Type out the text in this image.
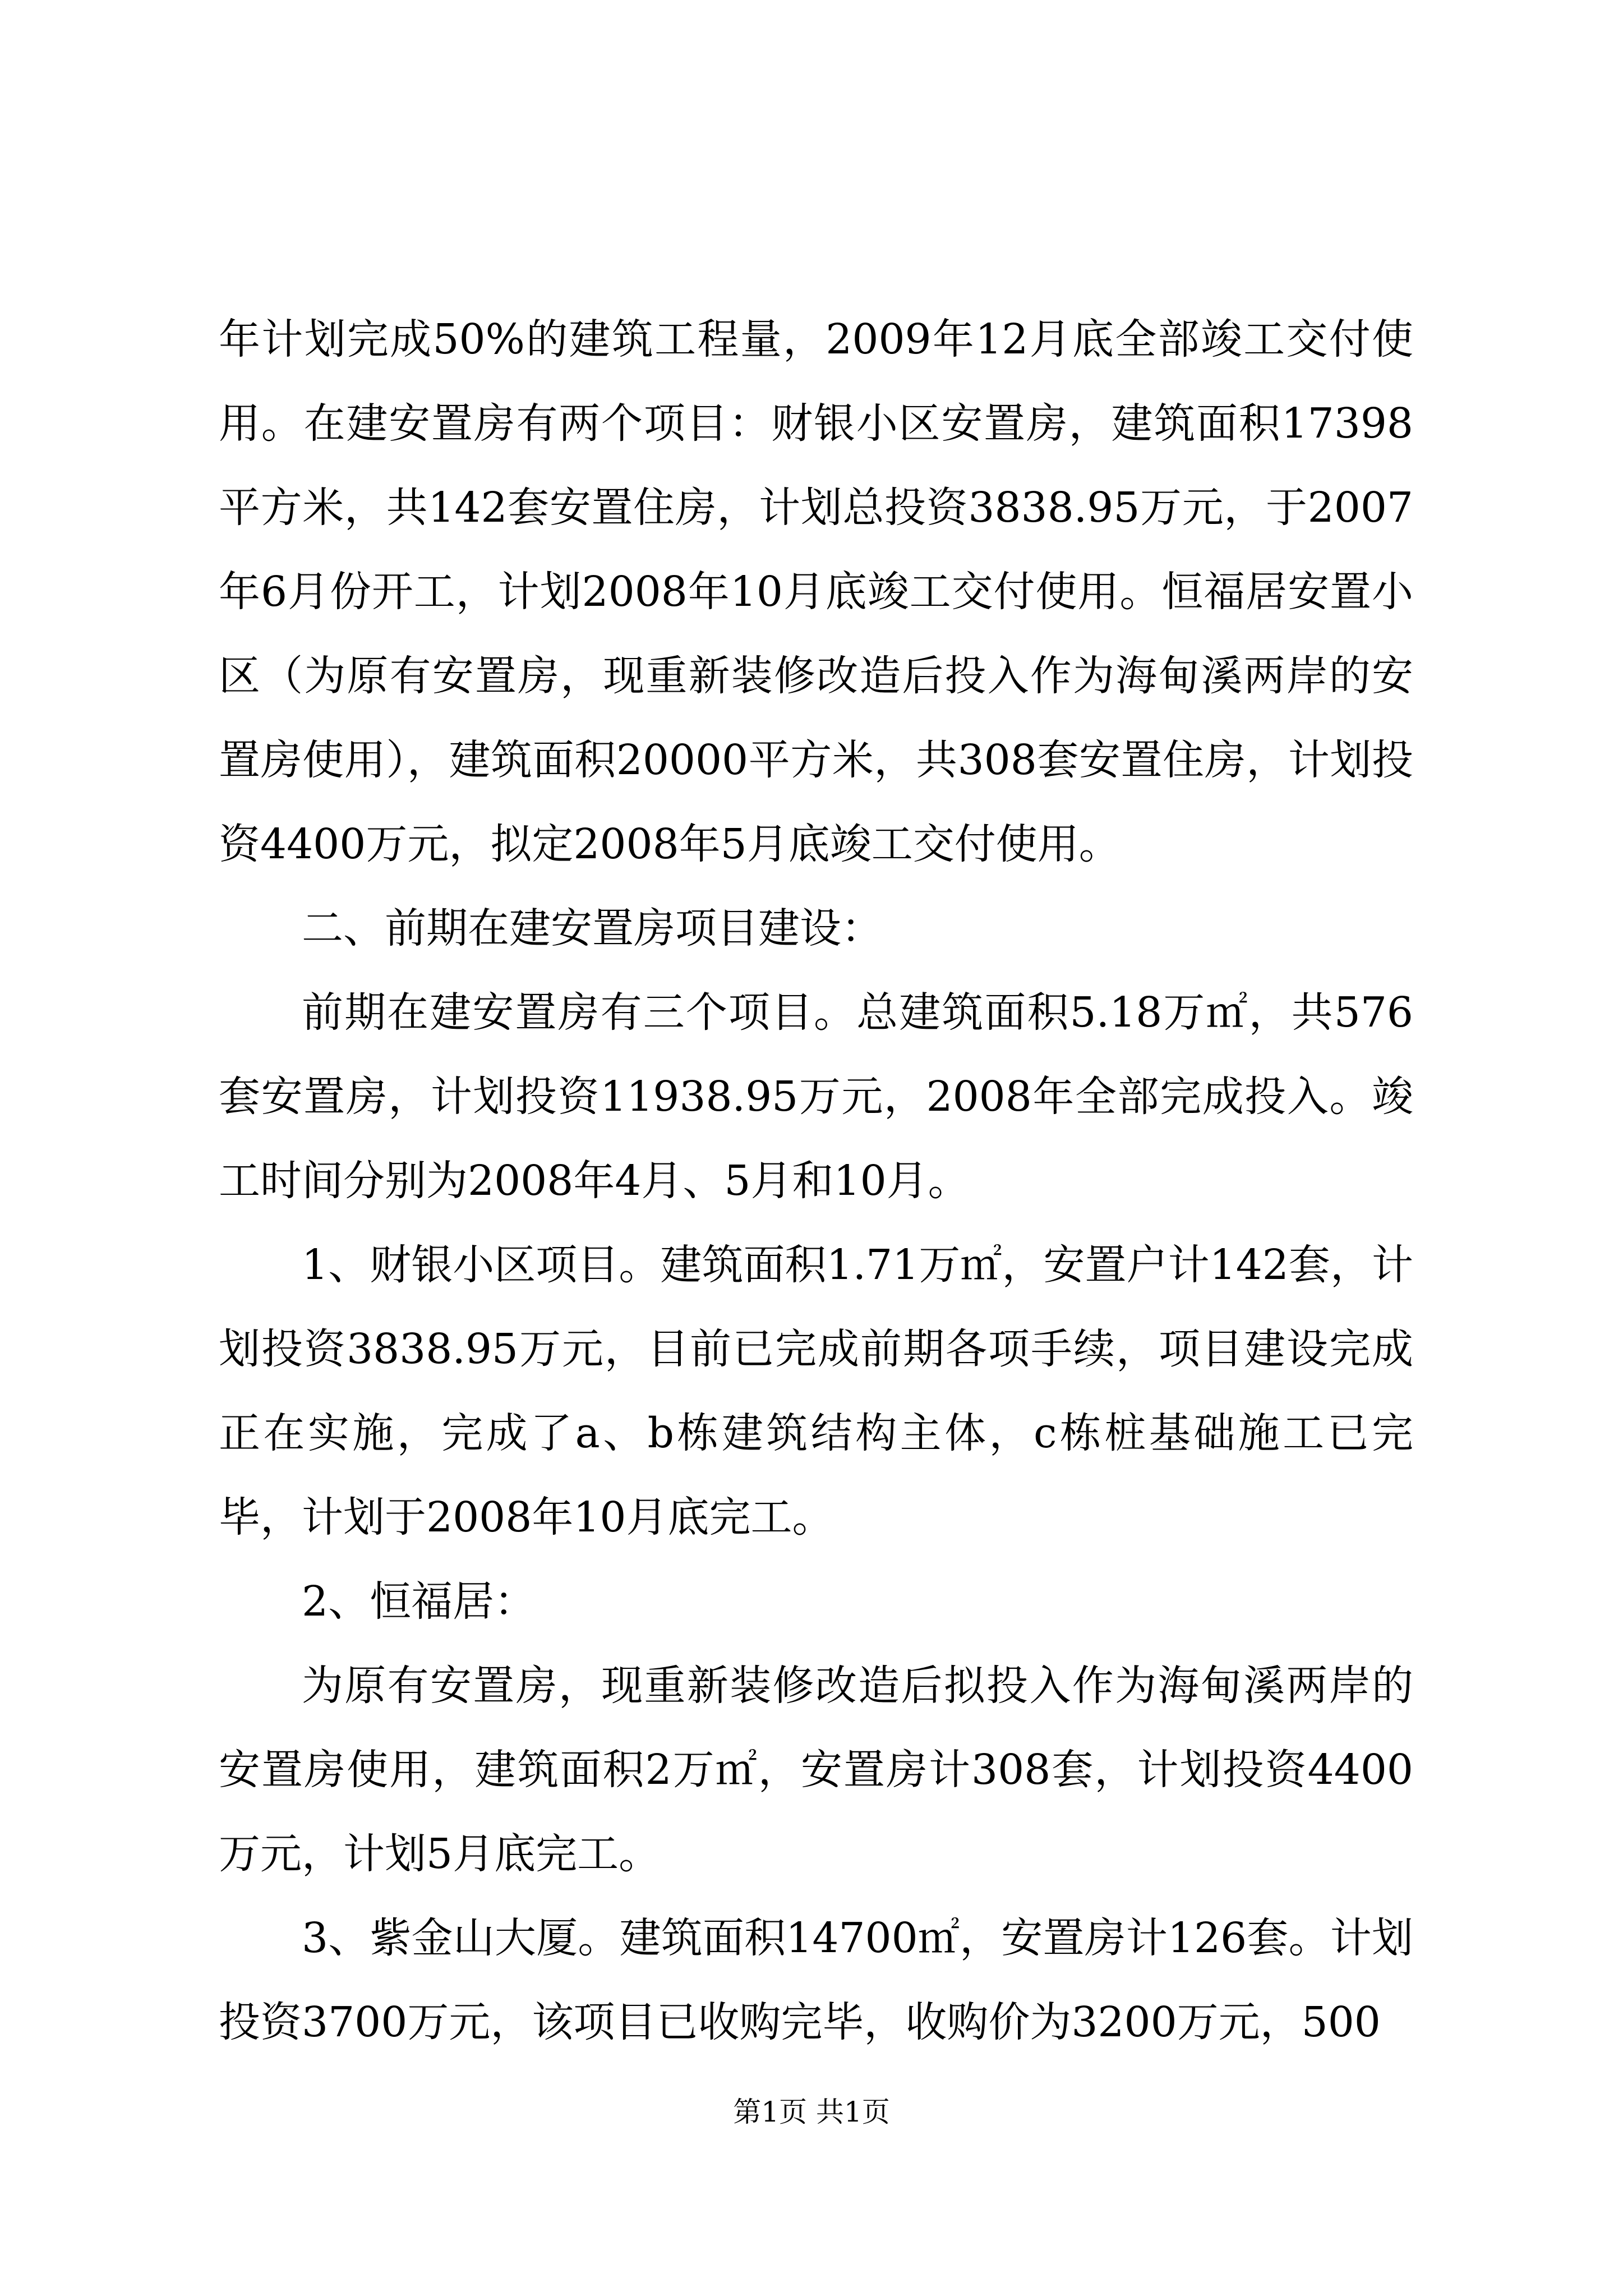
年计划完成50%的建筑工程量，2009年12月底全部竣工交付使用。在建安置房有两个项目：财银小区安置房，建筑面积17398平方米，共142套安置住房，计划总投资3838.95万元，于2007年6月份开工，计划2008年10月底竣工交付使用。恒福居安置小区（为原有安置房，现重新装修改造后投入作为海甸溪两岸的安置房使用），建筑面积20000平方米，共308套安置住房，计划投资4400万元，拟定2008年5月底竣工交付使用。

二、前期在建安置房项目建设：

前期在建安置房有三个项目。总建筑面积5.18万㎡，共576套安置房，计划投资11938.95万元，2008年全部完成投入。竣工时间分别为2008年4月、5月和10月。

1、财银小区项目。建筑面积1.71万㎡，安置户计142套，计划投资3838.95万元，目前已完成前期各项手续，项目建设完成正在实施，完成了a、b栋建筑结构主体，c栋桩基础施工已完毕，计划于2008年10月底完工。

2、恒福居：

为原有安置房，现重新装修改造后拟投入作为海甸溪两岸的安置房使用，建筑面积2万㎡，安置房计308套，计划投资4400万元，计划5月底完工。

3、紫金山大厦。建筑面积14700㎡，安置房计126套。计划投资3700万元，该项目已收购完毕，收购价为3200万元，500

第1页 共1页
